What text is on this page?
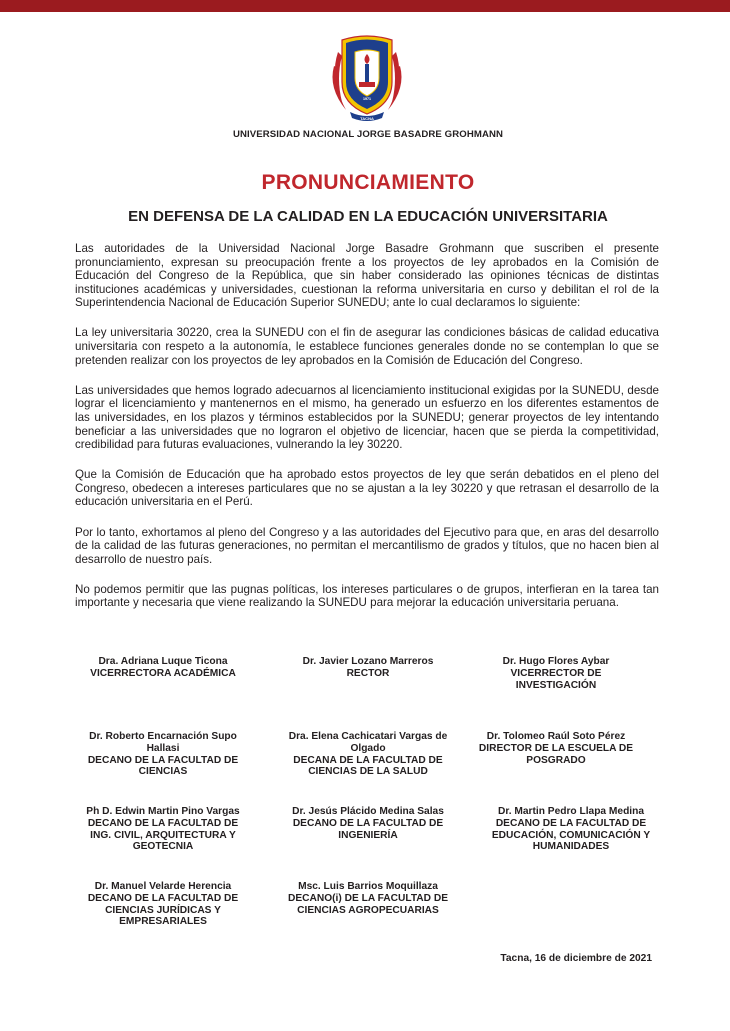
TACNA
1971
UNIVERSIDAD NACIONAL JORGE BASADRE GROHMANN
PRONUNCIAMIENTO
EN DEFENSA DE LA CALIDAD EN LA EDUCACIÓN UNIVERSITARIA

Las autoridades de la Universidad Nacional Jorge Basadre Grohmann que suscriben el presente pronunciamiento, expresan su preocupación frente a los proyectos de ley aprobados en la Comisión de Educación del Congreso de la República, que sin haber considerado las opiniones técnicas de distintas instituciones académicas y universidades, cuestionan la reforma universitaria en curso y debilitan el rol de la Superintendencia Nacional de Educación Superior SUNEDU; ante lo cual declaramos lo siguiente:

La ley universitaria 30220, crea la SUNEDU con el fin de asegurar las condiciones básicas de calidad educativa universitaria con respeto a la autonomía, le establece funciones generales donde no se contemplan lo que se pretenden realizar con los proyectos de ley aprobados en la Comisión de Educación del Congreso.

Las universidades que hemos logrado adecuarnos al licenciamiento institucional exigidas por la SUNEDU, desde lograr el licenciamiento y mantenernos en el mismo, ha generado un esfuerzo en los diferentes estamentos de las universidades, en los plazos y términos establecidos por la SUNEDU; generar proyectos de ley intentando beneficiar a las universidades que no lograron el objetivo de licenciar, hacen que se pierda la competitividad, credibilidad para futuras evaluaciones, vulnerando la ley 30220.

Que la Comisión de Educación que ha aprobado estos proyectos de ley que serán debatidos en el pleno del Congreso, obedecen a intereses particulares que no se ajustan a la ley 30220 y que retrasan el desarrollo de la educación universitaria en el Perú.

Por lo tanto, exhortamos al pleno del Congreso y a las autoridades del Ejecutivo para que, en aras del desarrollo de la calidad de las futuras generaciones, no permitan el mercantilismo de grados y títulos, que no hacen bien al desarrollo de nuestro país.

No podemos permitir que las pugnas políticas, los intereses particulares o de grupos, interfieran en la tarea tan importante y necesaria que viene realizando la SUNEDU para mejorar la educación universitaria peruana.

Dra. Adriana Luque Ticona
VICERRECTORA ACADÉMICA
Dr. Javier Lozano Marreros
RECTOR
Dr. Hugo Flores Aybar
VICERRECTOR DE INVESTIGACIÓN
Dr. Roberto Encarnación Supo Hallasi
DECANO DE LA FACULTAD DE CIENCIAS
Dra. Elena Cachicatari Vargas de Olgado
DECANA DE LA FACULTAD DE CIENCIAS DE LA SALUD
Dr. Tolomeo Raúl Soto Pérez
DIRECTOR DE LA ESCUELA DE POSGRADO
Ph D. Edwin Martin Pino Vargas
DECANO DE LA FACULTAD DE ING. CIVIL, ARQUITECTURA Y GEOTECNIA
Dr. Jesús Plácido Medina Salas
DECANO DE LA FACULTAD DE INGENIERÍA
Dr. Martin Pedro Llapa Medina
DECANO DE LA FACULTAD DE EDUCACIÓN, COMUNICACIÓN Y HUMANIDADES
Dr. Manuel Velarde Herencia
DECANO DE LA FACULTAD DE CIENCIAS JURÍDICAS Y EMPRESARIALES
Msc. Luis Barrios Moquillaza
DECANO(i) DE LA FACULTAD DE CIENCIAS AGROPECUARIAS
Tacna, 16 de diciembre de 2021
